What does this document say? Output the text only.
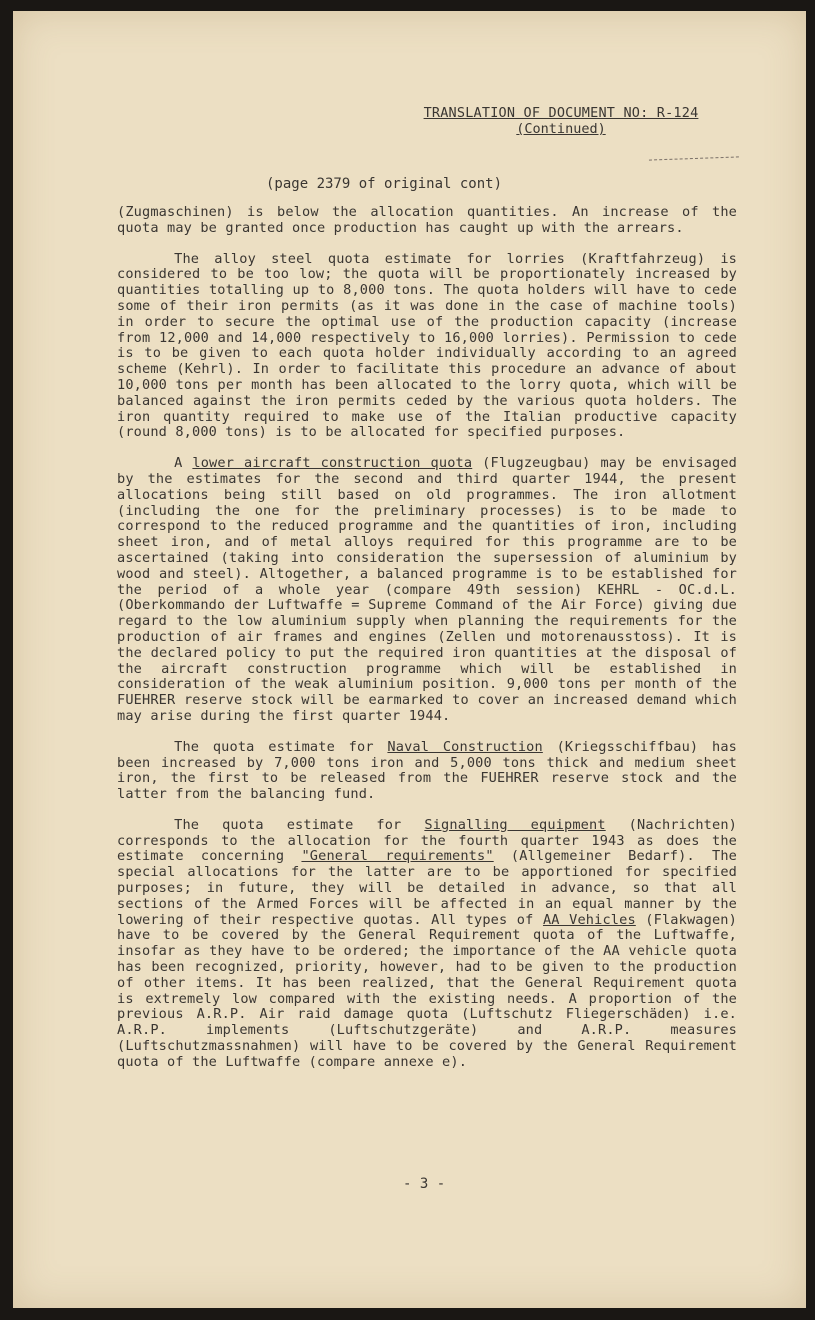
TRANSLATION OF DOCUMENT NO: R-124
(Continued)
(page 2379 of original cont)

(Zugmaschinen) is below the allocation quantities. An increase of the quota may be granted once production has caught up with the arrears.

The alloy steel quota estimate for lorries (Kraftfahrzeug) is considered to be too low; the quota will be proportionately increased by quantities totalling up to 8,000 tons. The quota holders will have to cede some of their iron permits (as it was done in the case of machine tools) in order to secure the optimal use of the production capacity (increase from 12,000 and 14,000 respectively to 16,000 lorries). Permission to cede is to be given to each quota holder individually according to an agreed scheme (Kehrl). In order to facilitate this procedure an advance of about 10,000 tons per month has been allocated to the lorry quota, which will be balanced against the iron permits ceded by the various quota holders. The iron quantity required to make use of the Italian productive capacity (round 8,000 tons) is to be allocated for specified purposes.

A lower aircraft construction quota (Flugzeugbau) may be envisaged by the estimates for the second and third quarter 1944, the present allocations being still based on old programmes. The iron allotment (including the one for the preliminary processes) is to be made to correspond to the reduced programme and the quantities of iron, including sheet iron, and of metal alloys required for this programme are to be ascertained (taking into consideration the supersession of aluminium by wood and steel). Altogether, a balanced programme is to be established for the period of a whole year (compare 49th session) KEHRL - OC.d.L. (Oberkommando der Luftwaffe = Supreme Command of the Air Force) giving due regard to the low aluminium supply when planning the requirements for the production of air frames and engines (Zellen und motorenausstoss). It is the declared policy to put the required iron quantities at the disposal of the aircraft construction programme which will be established in consideration of the weak aluminium position. 9,000 tons per month of the FUEHRER reserve stock will be earmarked to cover an increased demand which may arise during the first quarter 1944.

The quota estimate for Naval Construction (Kriegsschiffbau) has been increased by 7,000 tons iron and 5,000 tons thick and medium sheet iron, the first to be released from the FUEHRER reserve stock and the latter from the balancing fund.

The quota estimate for Signalling equipment (Nachrichten) corresponds to the allocation for the fourth quarter 1943 as does the estimate concerning "General requirements" (Allgemeiner Bedarf). The special allocations for the latter are to be apportioned for specified purposes; in future, they will be detailed in advance, so that all sections of the Armed Forces will be affected in an equal manner by the lowering of their respective quotas. All types of AA Vehicles (Flakwagen) have to be covered by the General Requirement quota of the Luftwaffe, insofar as they have to be ordered; the importance of the AA vehicle quota has been recognized, priority, however, had to be given to the production of other items. It has been realized, that the General Requirement quota is extremely low compared with the existing needs. A proportion of the previous A.R.P. Air raid damage quota (Luftschutz Fliegerschäden) i.e. A.R.P. implements (Luftschutzgeräte) and A.R.P. measures (Luftschutzmassnahmen) will have to be covered by the General Requirement quota of the Luftwaffe (compare annexe e).

- 3 -
